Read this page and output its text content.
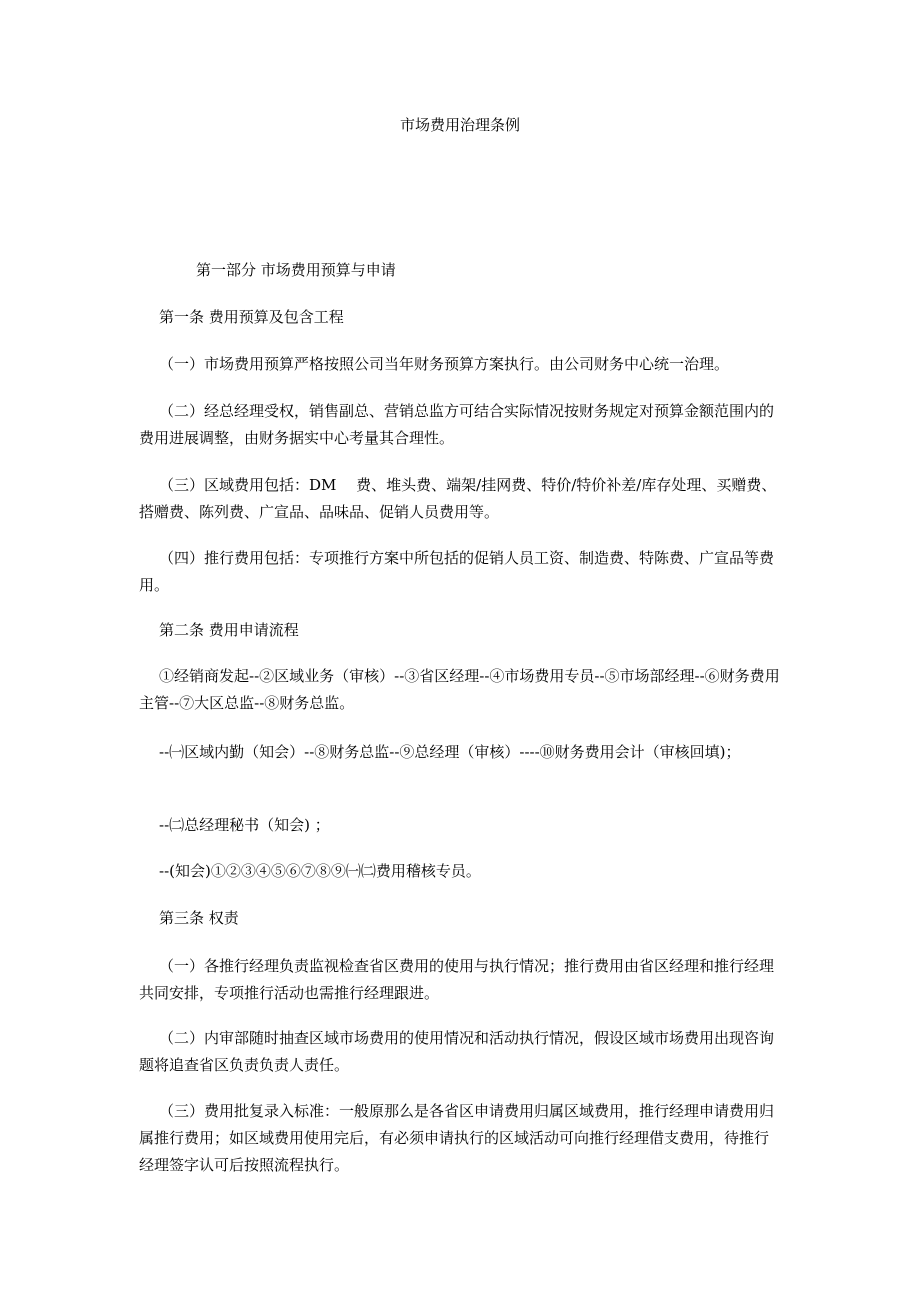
市场费用治理条例
第一部分 市场费用预算与申请
第一条 费用预算及包含工程

（一）市场费用预算严格按照公司当年财务预算方案执行。由公司财务中心统一治理。

（二）经总经理受权，销售副总、营销总监方可结合实际情况按财务规定对预算金额范围内的费用进展调整，由财务据实中心考量其合理性。

（三）区域费用包括：DM　 费、堆头费、端架/挂网费、特价/特价补差/库存处理、买赠费、搭赠费、陈列费、广宣品、品味品、促销人员费用等。

（四）推行费用包括：专项推行方案中所包括的促销人员工资、制造费、特陈费、广宣品等费用。

第二条 费用申请流程

①经销商发起--②区域业务（审核）--③省区经理--④市场费用专员--⑤市场部经理--⑥财务费用主管--⑦大区总监--⑧财务总监。

--㈠区域内勤（知会）--⑧财务总监--⑨总经理（审核）----⑩财务费用会计（审核回填)；

--㈡总经理秘书（知会) ；

--(知会)①②③④⑤⑥⑦⑧⑨㈠㈡费用稽核专员。

第三条 权责

（一）各推行经理负责监视检查省区费用的使用与执行情况；推行费用由省区经理和推行经理共同安排，专项推行活动也需推行经理跟进。

（二）内审部随时抽查区域市场费用的使用情况和活动执行情况，假设区域市场费用出现咨询题将追查省区负责负责人责任。

（三）费用批复录入标准：一般原那么是各省区申请费用归属区域费用，推行经理申请费用归属推行费用；如区域费用使用完后，有必须申请执行的区域活动可向推行经理借支费用，待推行经理签字认可后按照流程执行。
